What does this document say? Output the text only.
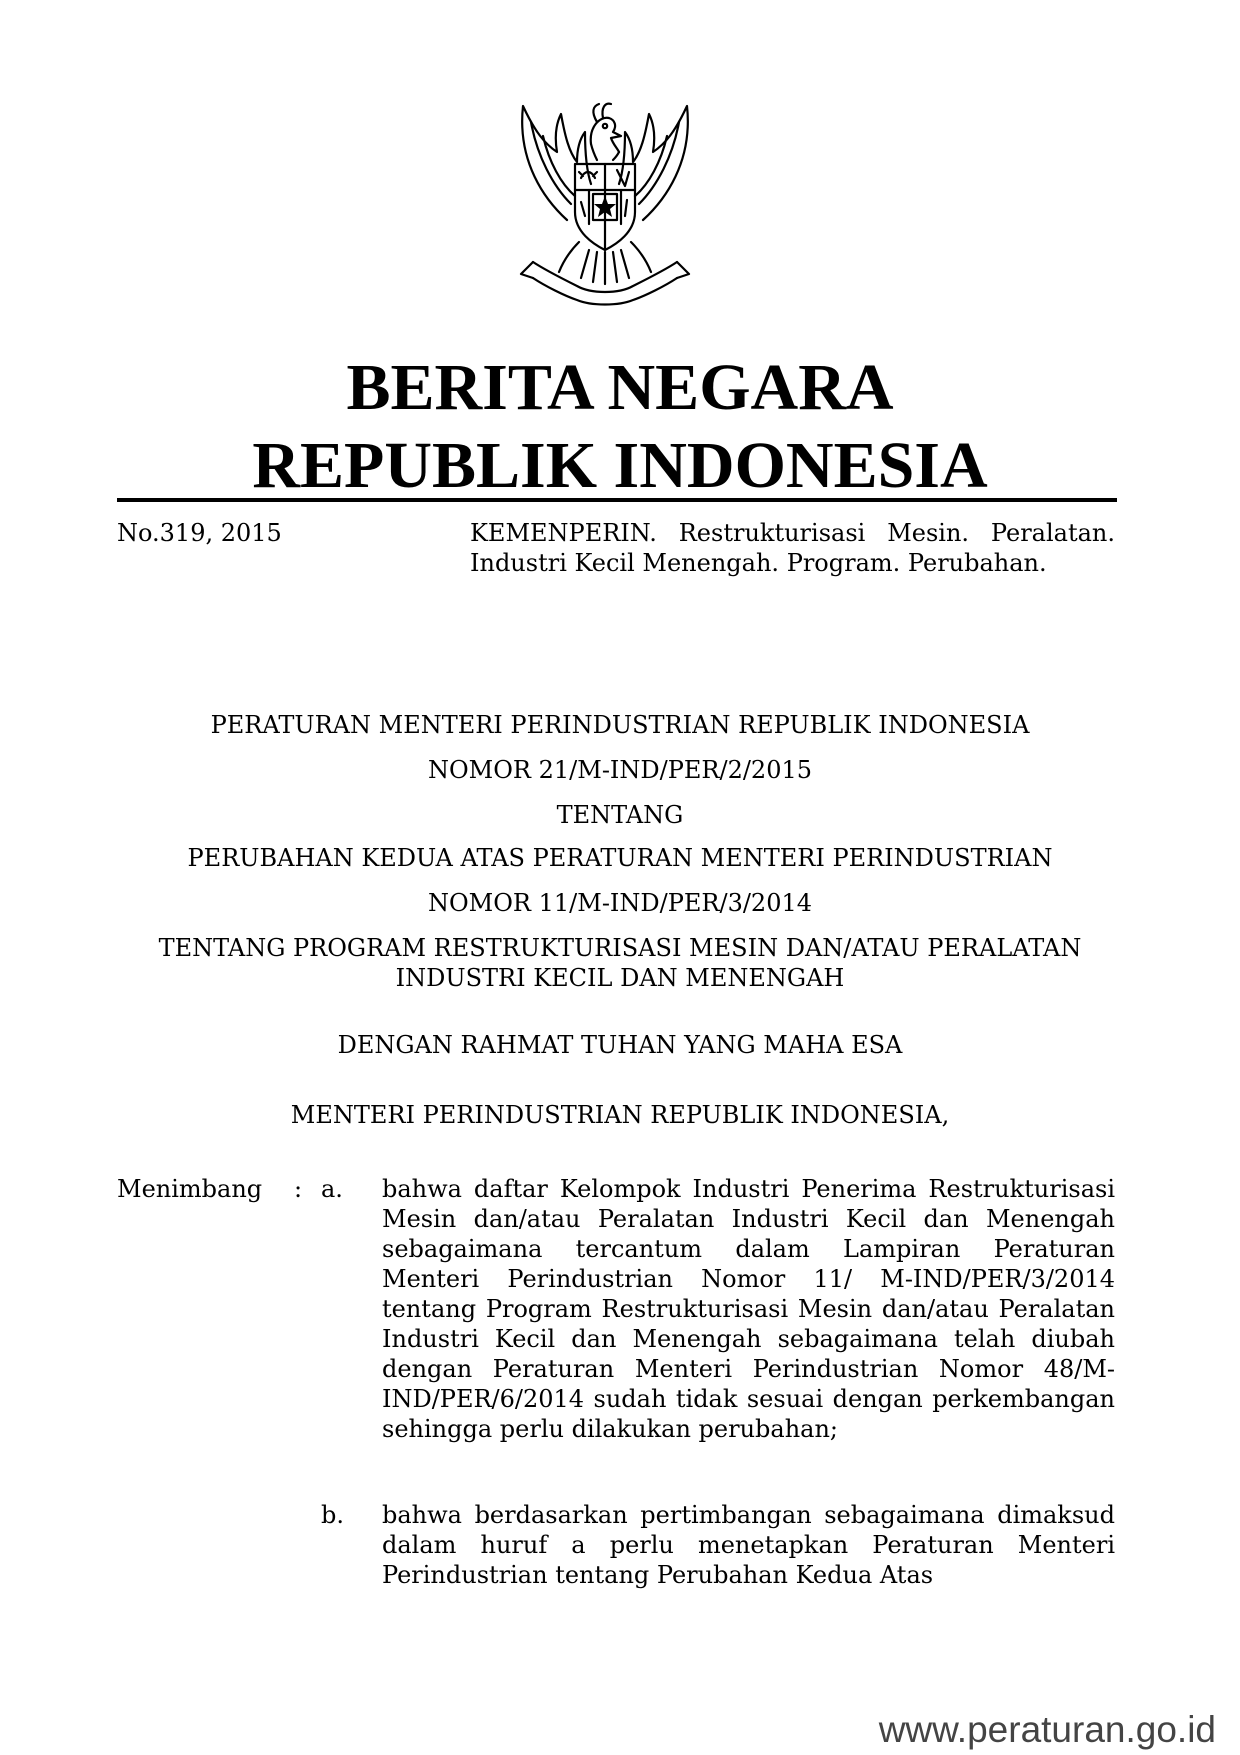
BERITA NEGARA
REPUBLIK INDONESIA
No.319, 2015	KEMENPERIN. Restrukturisasi Mesin. Peralatan. Industri Kecil Menengah. Program. Perubahan.
PERATURAN MENTERI PERINDUSTRIAN REPUBLIK INDONESIA
NOMOR 21/M-IND/PER/2/2015
TENTANG
PERUBAHAN KEDUA ATAS PERATURAN MENTERI PERINDUSTRIAN
NOMOR 11/M-IND/PER/3/2014
TENTANG PROGRAM RESTRUKTURISASI MESIN DAN/ATAU PERALATAN
INDUSTRI KECIL DAN MENENGAH
DENGAN RAHMAT TUHAN YANG MAHA ESA
MENTERI PERINDUSTRIAN REPUBLIK INDONESIA,
Menimbang : a. bahwa daftar Kelompok Industri Penerima Restrukturisasi Mesin dan/atau Peralatan Industri Kecil dan Menengah sebagaimana tercantum dalam Lampiran Peraturan Menteri Perindustrian Nomor 11/ M-IND/PER/3/2014 tentang Program Restrukturisasi Mesin dan/atau Peralatan Industri Kecil dan Menengah sebagaimana telah diubah dengan Peraturan Menteri Perindustrian Nomor 48/M-IND/PER/6/2014 sudah tidak sesuai dengan perkembangan sehingga perlu dilakukan perubahan;
b. bahwa berdasarkan pertimbangan sebagaimana dimaksud dalam huruf a perlu menetapkan Peraturan Menteri Perindustrian tentang Perubahan Kedua Atas
www.peraturan.go.id
